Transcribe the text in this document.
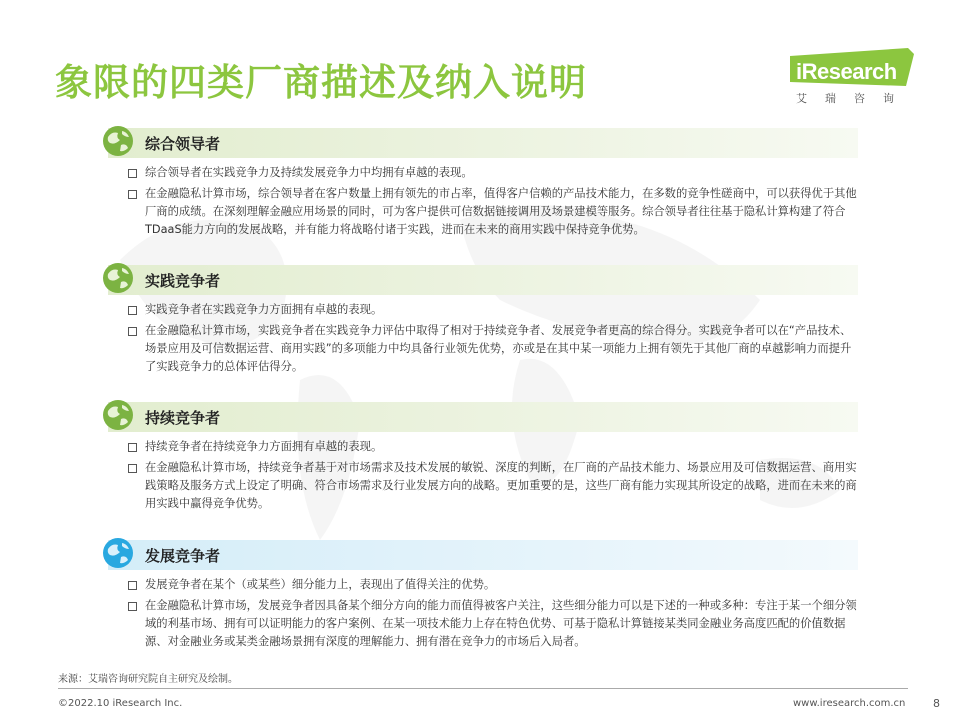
象限的四类厂商描述及纳入说明	iResearch
艾瑞咨询
综合领导者
综合领导者在实践竞争力及持续发展竞争力中均拥有卓越的表现。
在金融隐私计算市场，综合领导者在客户数量上拥有领先的市占率，值得客户信赖的产品技术能力，在多数的竞争性磋商中，可以获得优于其他厂商的成绩。在深刻理解金融应用场景的同时，可为客户提供可信数据链接调用及场景建模等服务。综合领导者往往基于隐私计算构建了符合TDaaS能力方向的发展战略，并有能力将战略付诸于实践，进而在未来的商用实践中保持竞争优势。
实践竞争者
实践竞争者在实践竞争力方面拥有卓越的表现。
在金融隐私计算市场，实践竞争者在实践竞争力评估中取得了相对于持续竞争者、发展竞争者更高的综合得分。实践竞争者可以在“产品技术、场景应用及可信数据运营、商用实践”的多项能力中均具备行业领先优势，亦或是在其中某一项能力上拥有领先于其他厂商的卓越影响力而提升了实践竞争力的总体评估得分。
持续竞争者
持续竞争者在持续竞争力方面拥有卓越的表现。
在金融隐私计算市场，持续竞争者基于对市场需求及技术发展的敏锐、深度的判断，在厂商的产品技术能力、场景应用及可信数据运营、商用实践策略及服务方式上设定了明确、符合市场需求及行业发展方向的战略。更加重要的是，这些厂商有能力实现其所设定的战略，进而在未来的商用实践中赢得竞争优势。
发展竞争者
发展竞争者在某个（或某些）细分能力上，表现出了值得关注的优势。
在金融隐私计算市场，发展竞争者因具备某个细分方向的能力而值得被客户关注，这些细分能力可以是下述的一种或多种：专注于某一个细分领域的利基市场、拥有可以证明能力的客户案例、在某一项技术能力上存在特色优势、可基于隐私计算链接某类同金融业务高度匹配的价值数据源、对金融业务或某类金融场景拥有深度的理解能力、拥有潜在竞争力的市场后入局者。
来源：艾瑞咨询研究院自主研究及绘制。
©2022.10 iResearch Inc.	www.iresearch.com.cn	8
